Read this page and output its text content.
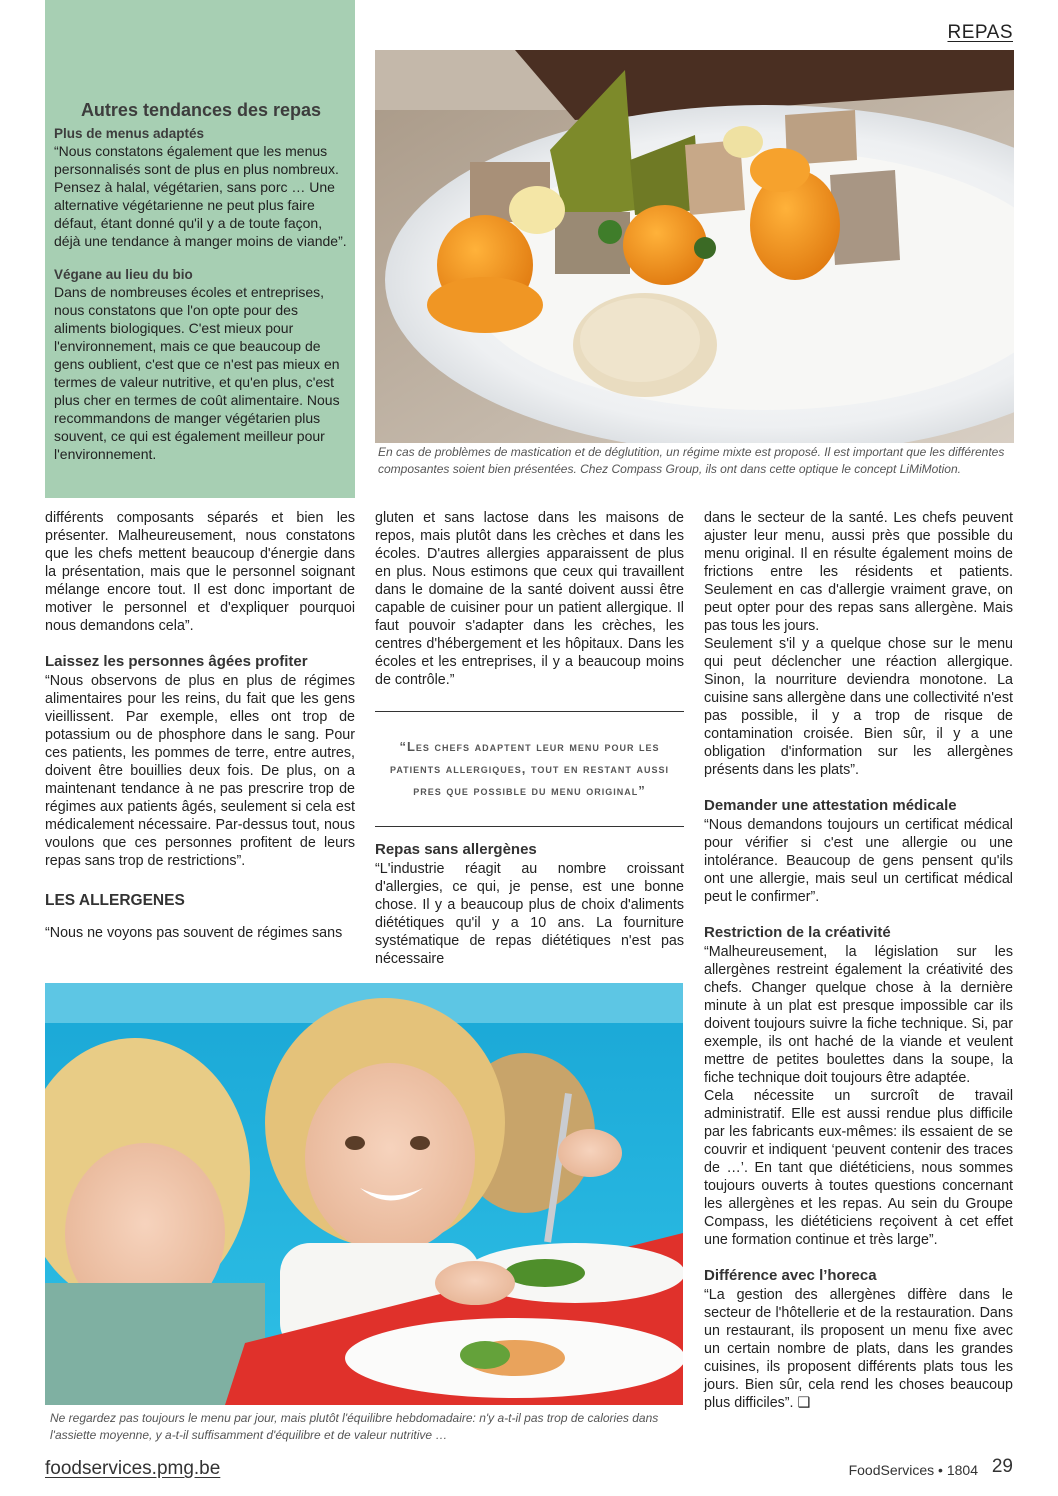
REPAS
Autres tendances des repas
Plus de menus adaptés

“Nous constatons également que les menus personnalisés sont de plus en plus nombreux. Pensez à halal, végétarien, sans porc … Une alternative végétarienne ne peut plus faire défaut, étant donné qu'il y a de toute façon, déjà une tendance à manger moins de viande”.

Végane au lieu du bio

Dans de nombreuses écoles et entreprises, nous constatons que l'on opte pour des aliments biologiques. C'est mieux pour l'environnement, mais ce que beaucoup de gens oublient, c'est que ce n'est pas mieux en termes de valeur nutritive, et qu'en plus, c'est plus cher en termes de coût alimentaire. Nous recommandons de manger végétarien plus souvent, ce qui est également meilleur pour l'environnement.	En cas de problèmes de mastication et de déglutition, un régime mixte est proposé. Il est important que les différentes composantes soient bien présentées. Chez Compass Group, ils ont dans cette optique le concept LiMiMotion.

différents composants séparés et bien les présenter. Malheureusement, nous constatons que les chefs mettent beaucoup d'énergie dans la présentation, mais que le personnel soignant mélange encore tout. Il est donc important de motiver le personnel et d'expliquer pourquoi nous demandons cela”.

Laissez les personnes âgées profiter

“Nous observons de plus en plus de régimes alimentaires pour les reins, du fait que les gens vieillissent. Par exemple, elles ont trop de potassium ou de phosphore dans le sang. Pour ces patients, les pommes de terre, entre autres, doivent être bouillies deux fois. De plus, on a maintenant tendance à ne pas prescrire trop de régimes aux patients âgés, seulement si cela est médicalement nécessaire. Par-dessus tout, nous voulons que ces personnes profitent de leurs repas sans trop de restrictions”.

LES ALLERGENES

“Nous ne voyons pas souvent de régimes sans

gluten et sans lactose dans les maisons de repos, mais plutôt dans les crèches et dans les écoles. D'autres allergies apparaissent de plus en plus. Nous estimons que ceux qui travaillent dans le domaine de la santé doivent aussi être capable de cuisiner pour un patient allergique. Il faut pouvoir s'adapter dans les crèches, les centres d'hébergement et les hôpitaux. Dans les écoles et les entreprises, il y a beaucoup moins de contrôle.”

“Les chefs adaptent leur menu pour les patients allergiques, tout en restant aussi pres que possible du menu original”
Repas sans allergènes

“L'industrie réagit au nombre croissant d'allergies, ce qui, je pense, est une bonne chose. Il y a beaucoup plus de choix d'aliments diététiques qu'il y a 10 ans. La fourniture systématique de repas diététiques n'est pas nécessaire

dans le secteur de la santé. Les chefs peuvent ajuster leur menu, aussi près que possible du menu original. Il en résulte également moins de frictions entre les résidents et patients. Seulement en cas d'allergie vraiment grave, on peut opter pour des repas sans allergène. Mais pas tous les jours.

Seulement s'il y a quelque chose sur le menu qui peut déclencher une réaction allergique. Sinon, la nourriture deviendra monotone. La cuisine sans allergène dans une collectivité n'est pas possible, il y a trop de risque de contamination croisée. Bien sûr, il y a une obligation d'information sur les allergènes présents dans les plats”.

Demander une attestation médicale

“Nous demandons toujours un certificat médical pour vérifier si c'est une allergie ou une intolérance. Beaucoup de gens pensent qu'ils ont une allergie, mais seul un certificat médical peut le confirmer”.

Restriction de la créativité

“Malheureusement, la législation sur les allergènes restreint également la créativité des chefs. Changer quelque chose à la dernière minute à un plat est presque impossible car ils doivent toujours suivre la fiche technique. Si, par exemple, ils ont haché de la viande et veulent mettre de petites boulettes dans la soupe, la fiche technique doit toujours être adaptée.

Cela nécessite un surcroît de travail administratif. Elle est aussi rendue plus difficile par les fabricants eux-mêmes: ils essaient de se couvrir et indiquent ‘peuvent contenir des traces de …’. En tant que diététiciens, nous sommes toujours ouverts à toutes questions concernant les allergènes et les repas. Au sein du Groupe Compass, les diététiciens reçoivent à cet effet une formation continue et très large”.

Différence avec l’horeca

“La gestion des allergènes diffère dans le secteur de l'hôtellerie et de la restauration. Dans un restaurant, ils proposent un menu fixe avec un certain nombre de plats, dans les grandes cuisines, ils proposent différents plats tous les jours. Bien sûr, cela rend les choses beaucoup plus difficiles”. ❑

Ne regardez pas toujours le menu par jour, mais plutôt l'équilibre hebdomadaire: n'y a-t-il pas trop de calories dans l'assiette moyenne, y a-t-il suffisamment d'équilibre et de valeur nutritive …
foodservices.pmg.be	FoodServices • 1804 29
